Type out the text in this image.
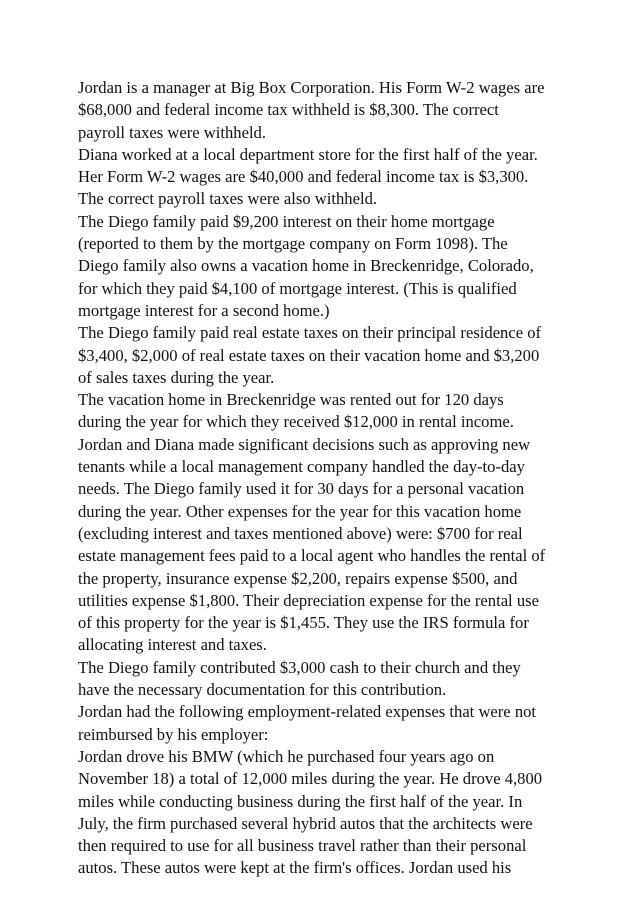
Jordan is a manager at Big Box Corporation. His Form W-2 wages are
$68,000 and federal income tax withheld is $8,300. The correct
payroll taxes were withheld.
Diana worked at a local department store for the first half of the year.
Her Form W-2 wages are $40,000 and federal income tax is $3,300.
The correct payroll taxes were also withheld.
The Diego family paid $9,200 interest on their home mortgage
(reported to them by the mortgage company on Form 1098). The
Diego family also owns a vacation home in Breckenridge, Colorado,
for which they paid $4,100 of mortgage interest. (This is qualified
mortgage interest for a second home.)
The Diego family paid real estate taxes on their principal residence of
$3,400, $2,000 of real estate taxes on their vacation home and $3,200
of sales taxes during the year.
The vacation home in Breckenridge was rented out for 120 days
during the year for which they received $12,000 in rental income.
Jordan and Diana made significant decisions such as approving new
tenants while a local management company handled the day-to-day
needs. The Diego family used it for 30 days for a personal vacation
during the year. Other expenses for the year for this vacation home
(excluding interest and taxes mentioned above) were: $700 for real
estate management fees paid to a local agent who handles the rental of
the property, insurance expense $2,200, repairs expense $500, and
utilities expense $1,800. Their depreciation expense for the rental use
of this property for the year is $1,455. They use the IRS formula for
allocating interest and taxes.
The Diego family contributed $3,000 cash to their church and they
have the necessary documentation for this contribution.
Jordan had the following employment-related expenses that were not
reimbursed by his employer:
Jordan drove his BMW (which he purchased four years ago on
November 18) a total of 12,000 miles during the year. He drove 4,800
miles while conducting business during the first half of the year. In
July, the firm purchased several hybrid autos that the architects were
then required to use for all business travel rather than their personal
autos. These autos were kept at the firm's offices. Jordan used his
